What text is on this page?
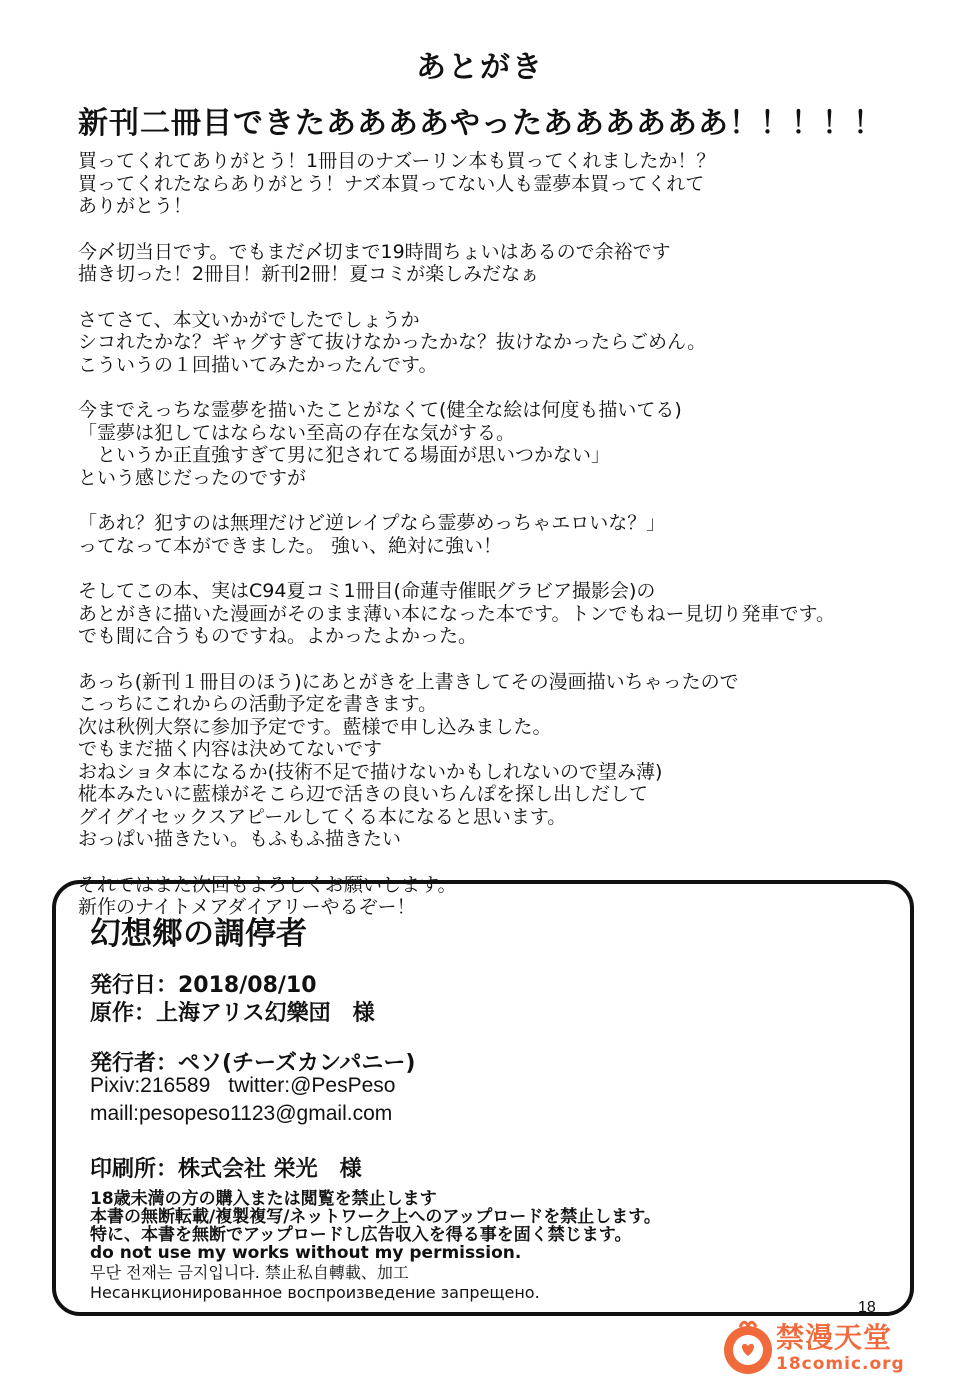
あとがき
新刊二冊目できたああああやったああああああ！！！！！
買ってくれてありがとう！1冊目のナズーリン本も買ってくれましたか！？
買ってくれたならありがとう！ナズ本買ってない人も霊夢本買ってくれて
ありがとう！
今〆切当日です。でもまだ〆切まで19時間ちょいはあるので余裕です
描き切った！2冊目！新刊2冊！夏コミが楽しみだなぁ
さてさて、本文いかがでしたでしょうか
シコれたかな？ギャグすぎて抜けなかったかな？抜けなかったらごめん。
こういうの１回描いてみたかったんです。
今までえっちな霊夢を描いたことがなくて(健全な絵は何度も描いてる)
「霊夢は犯してはならない至高の存在な気がする。
　というか正直強すぎて男に犯されてる場面が思いつかない」
という感じだったのですが
「あれ？犯すのは無理だけど逆レイプなら霊夢めっちゃエロいな？」
ってなって本ができました。 強い、絶対に強い！
そしてこの本、実はC94夏コミ1冊目(命蓮寺催眠グラビア撮影会)の
あとがきに描いた漫画がそのまま薄い本になった本です。トンでもねー見切り発車です。
でも間に合うものですね。よかったよかった。
あっち(新刊１冊目のほう)にあとがきを上書きしてその漫画描いちゃったので
こっちにこれからの活動予定を書きます。
次は秋例大祭に参加予定です。藍様で申し込みました。
でもまだ描く内容は決めてないです
おねショタ本になるか(技術不足で描けないかもしれないので望み薄)
椛本みたいに藍様がそこら辺で活きの良いちんぽを探し出しだして
グイグイセックスアピールしてくる本になると思います。
おっぱい描きたい。もふもふ描きたい
それではまた次回もよろしくお願いします。
新作のナイトメアダイアリーやるぞー！
幻想郷の調停者
発行日：2018/08/10
原作：上海アリス幻樂団　様
発行者：ペソ(チーズカンパニー)
Pixiv:216589 twitter:@PesPeso
maill:pesopeso1123@gmail.com
印刷所：株式会社 栄光　様
18歳未満の方の購入または閲覧を禁止します
本書の無断転載/複製複写/ネットワーク上へのアップロードを禁止します。
特に、本書を無断でアップロードし広告収入を得る事を固く禁じます。
do not use my works without my permission.
무단 전재는 금지입니다. 禁止私自轉載、加工
Несанкционированное воспроизведение запрещено.
18
禁漫天堂
18comic.org
